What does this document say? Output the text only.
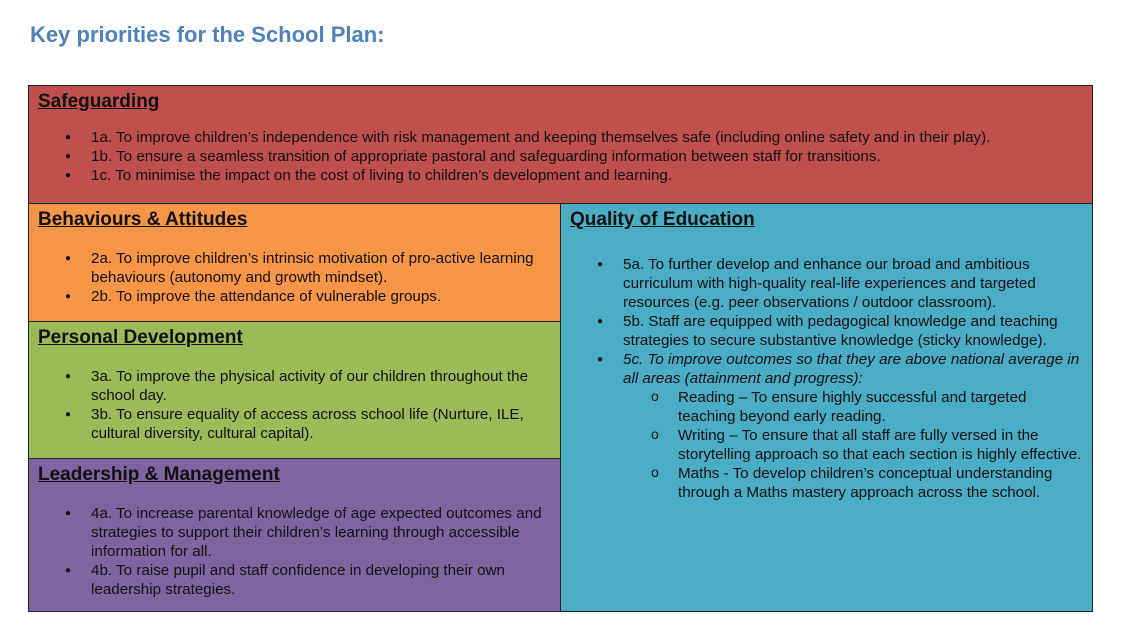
Key priorities for the School Plan:
Safeguarding
● 1a. To improve children’s independence with risk management and keeping themselves safe (including online safety and in their play).
● 1b. To ensure a seamless transition of appropriate pastoral and safeguarding information between staff for transitions.
● 1c. To minimise the impact on the cost of living to children’s development and learning.
Behaviours & Attitudes
● 2a. To improve children’s intrinsic motivation of pro-active learning behaviours (autonomy and growth mindset).
● 2b. To improve the attendance of vulnerable groups.
Personal Development
● 3a. To improve the physical activity of our children throughout the school day.
● 3b. To ensure equality of access across school life (Nurture, ILE, cultural diversity, cultural capital).
Leadership & Management
● 4a. To increase parental knowledge of age expected outcomes and strategies to support their children’s learning through accessible information for all.
● 4b. To raise pupil and staff confidence in developing their own leadership strategies.
Quality of Education
● 5a. To further develop and enhance our broad and ambitious curriculum with high-quality real-life experiences and targeted resources (e.g. peer observations / outdoor classroom).
● 5b. Staff are equipped with pedagogical knowledge and teaching strategies to secure substantive knowledge (sticky knowledge).
● 5c. To improve outcomes so that they are above national average in all areas (attainment and progress):
o Reading – To ensure highly successful and targeted teaching beyond early reading.
o Writing – To ensure that all staff are fully versed in the storytelling approach so that each section is highly effective.
o Maths - To develop children’s conceptual understanding through a Maths mastery approach across the school.
